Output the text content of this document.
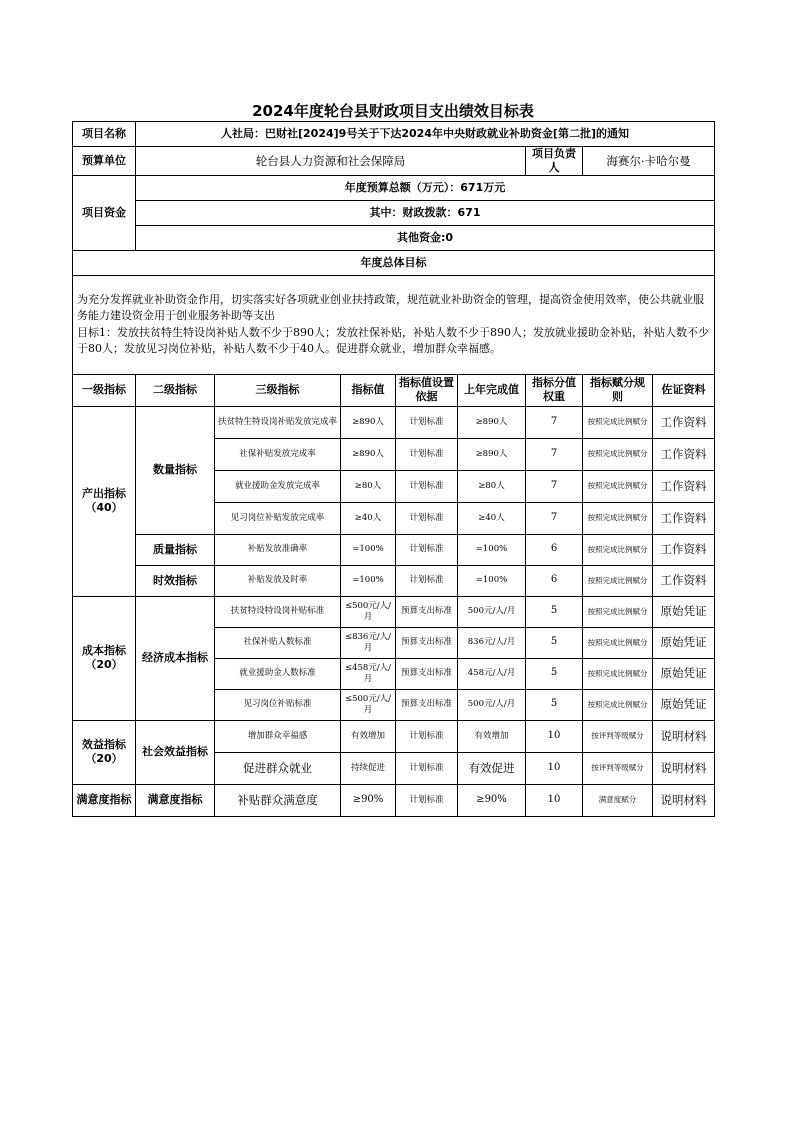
2024年度轮台县财政项目支出绩效目标表
项目名称	人社局：巴财社[2024]9号关于下达2024年中央财政就业补助资金[第二批]的通知							
预算单位	轮台县人力资源和社会保障局					项目负责人	海赛尔·卡哈尔曼	
项目资金	年度预算总额（万元）：671万元							
	其中：财政拨款：671							
	其他资金:0							
年度总体目标								
为充分发挥就业补助资金作用，切实落实好各项就业创业扶持政策，规范就业补助资金的管理，提高资金使用效率，使公共就业服务能力建设资金用于创业服务补助等支出
目标1：发放扶贫特生特设岗补贴人数不少于890人；发放社保补贴，补贴人数不少于890人；发放就业援助金补贴，补贴人数不少于80人；发放见习岗位补贴，补贴人数不少于40人。促进群众就业，增加群众幸福感。								
一级指标	二级指标	三级指标	指标值	指标值设置依据	上年完成值	指标分值权重	指标赋分规则	佐证资料
产出指标（40）	数量指标	扶贫特生特设岗补贴发放完成率	≥890人	计划标准	≥890人	7	按照完成比例赋分	工作资料
		社保补贴发放完成率	≥890人	计划标准	≥890人	7	按照完成比例赋分	工作资料
		就业援助金发放完成率	≥80人	计划标准	≥80人	7	按照完成比例赋分	工作资料
		见习岗位补贴发放完成率	≥40人	计划标准	≥40人	7	按照完成比例赋分	工作资料
	质量指标	补贴发放准确率	=100%	计划标准	=100%	6	按照完成比例赋分	工作资料
	时效指标	补贴发放及时率	=100%	计划标准	=100%	6	按照完成比例赋分	工作资料
成本指标（20）	经济成本指标	扶贫特设特设岗补贴标准	≤500元/人/月	预算支出标准	500元/人/月	5	按照完成比例赋分	原始凭证
		社保补贴人数标准	≤836元/人/月	预算支出标准	836元/人/月	5	按照完成比例赋分	原始凭证
		就业援助金人数标准	≤458元/人/月	预算支出标准	458元/人/月	5	按照完成比例赋分	原始凭证
		见习岗位补贴标准	≤500元/人/月	预算支出标准	500元/人/月	5	按照完成比例赋分	原始凭证
效益指标（20）	社会效益指标	增加群众幸福感	有效增加	计划标准	有效增加	10	按评判等级赋分	说明材料
		促进群众就业	持续促进	计划标准	有效促进	10	按评判等级赋分	说明材料
满意度指标	满意度指标	补贴群众满意度	≥90%	计划标准	≥90%	10	满意度赋分	说明材料
